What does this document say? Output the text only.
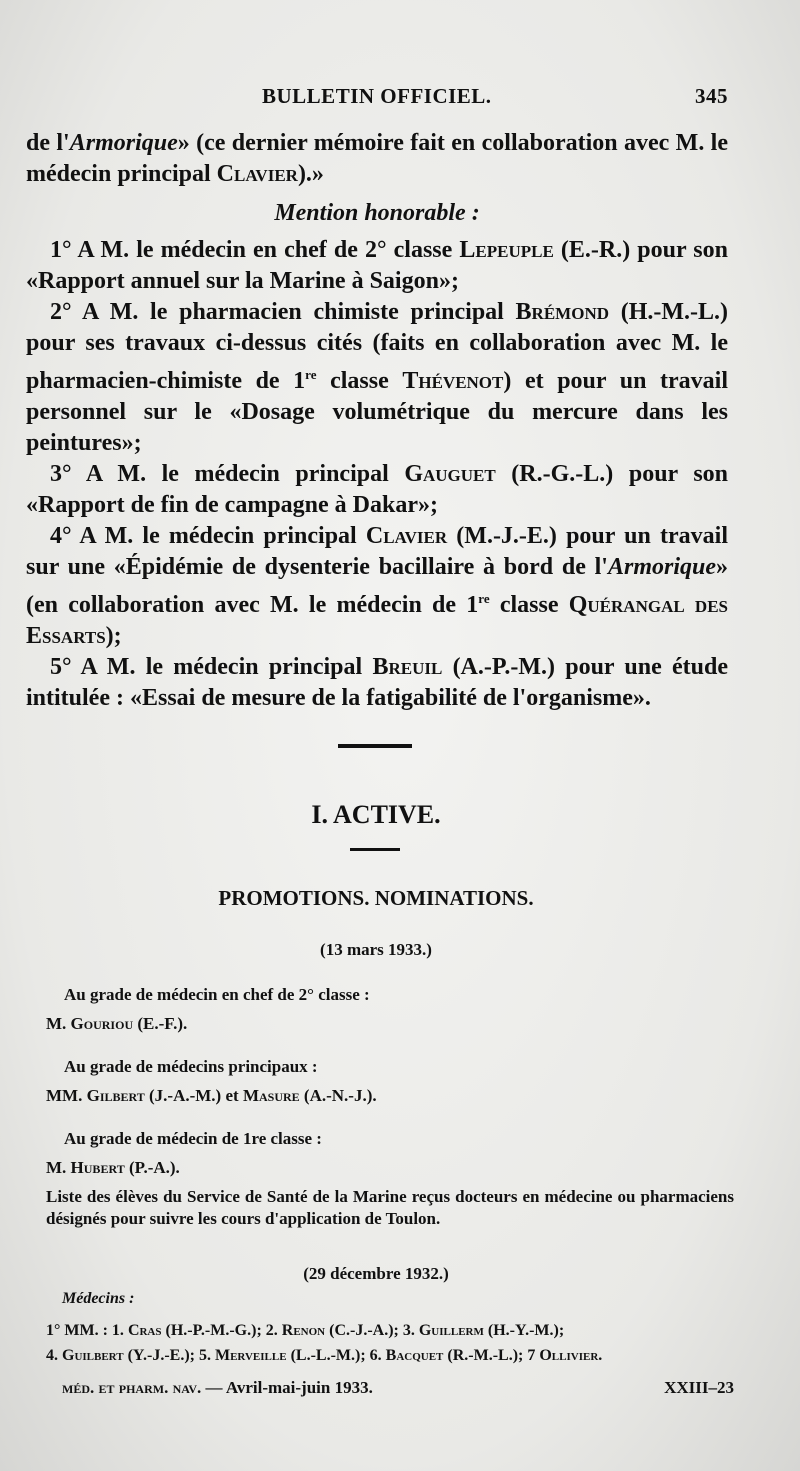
BULLETIN OFFICIEL.	345

de l'Armorique» (ce dernier mémoire fait en collaboration avec M. le médecin principal Clavier).»

Mention honorable :

1° A M. le médecin en chef de 2° classe Lepeuple (E.-R.) pour son «Rapport annuel sur la Marine à Saigon»;

2° A M. le pharmacien chimiste principal Brémond (H.-M.-L.) pour ses travaux ci-dessus cités (faits en collaboration avec M. le pharmacien-chimiste de 1re classe Thévenot) et pour un travail personnel sur le «Dosage volumétrique du mercure dans les peintures»;

3° A M. le médecin principal Gauguet (R.-G.-L.) pour son «Rapport de fin de campagne à Dakar»;

4° A M. le médecin principal Clavier (M.-J.-E.) pour un travail sur une «Épidémie de dysenterie bacillaire à bord de l'Armorique» (en collaboration avec M. le médecin de 1re classe Quérangal des Essarts);

5° A M. le médecin principal Breuil (A.-P.-M.) pour une étude intitulée : «Essai de mesure de la fatigabilité de l'organisme».

I. ACTIVE.
PROMOTIONS. NOMINATIONS.
(13 mars 1933.)

Au grade de médecin en chef de 2° classe :

M. Gouriou (E.-F.).

Au grade de médecins principaux :

MM. Gilbert (J.-A.-M.) et Masure (A.-N.-J.).

Au grade de médecin de 1re classe :

M. Hubert (P.-A.).

Liste des élèves du Service de Santé de la Marine reçus docteurs en médecine ou pharmaciens désignés pour suivre les cours d'application de Toulon.
(29 décembre 1932.)
Médecins :

1° MM. : 1. Cras (H.-P.-M.-G.); 2. Renon (C.-J.-A.); 3. Guillerm (H.-Y.-M.);

4. Guilbert (Y.-J.-E.); 5. Merveille (L.-L.-M.); 6. Bacquet (R.-M.-L.); 7 Ollivier.

méd. et pharm. nav. — Avril-mai-juin 1933.	XXIII–23
